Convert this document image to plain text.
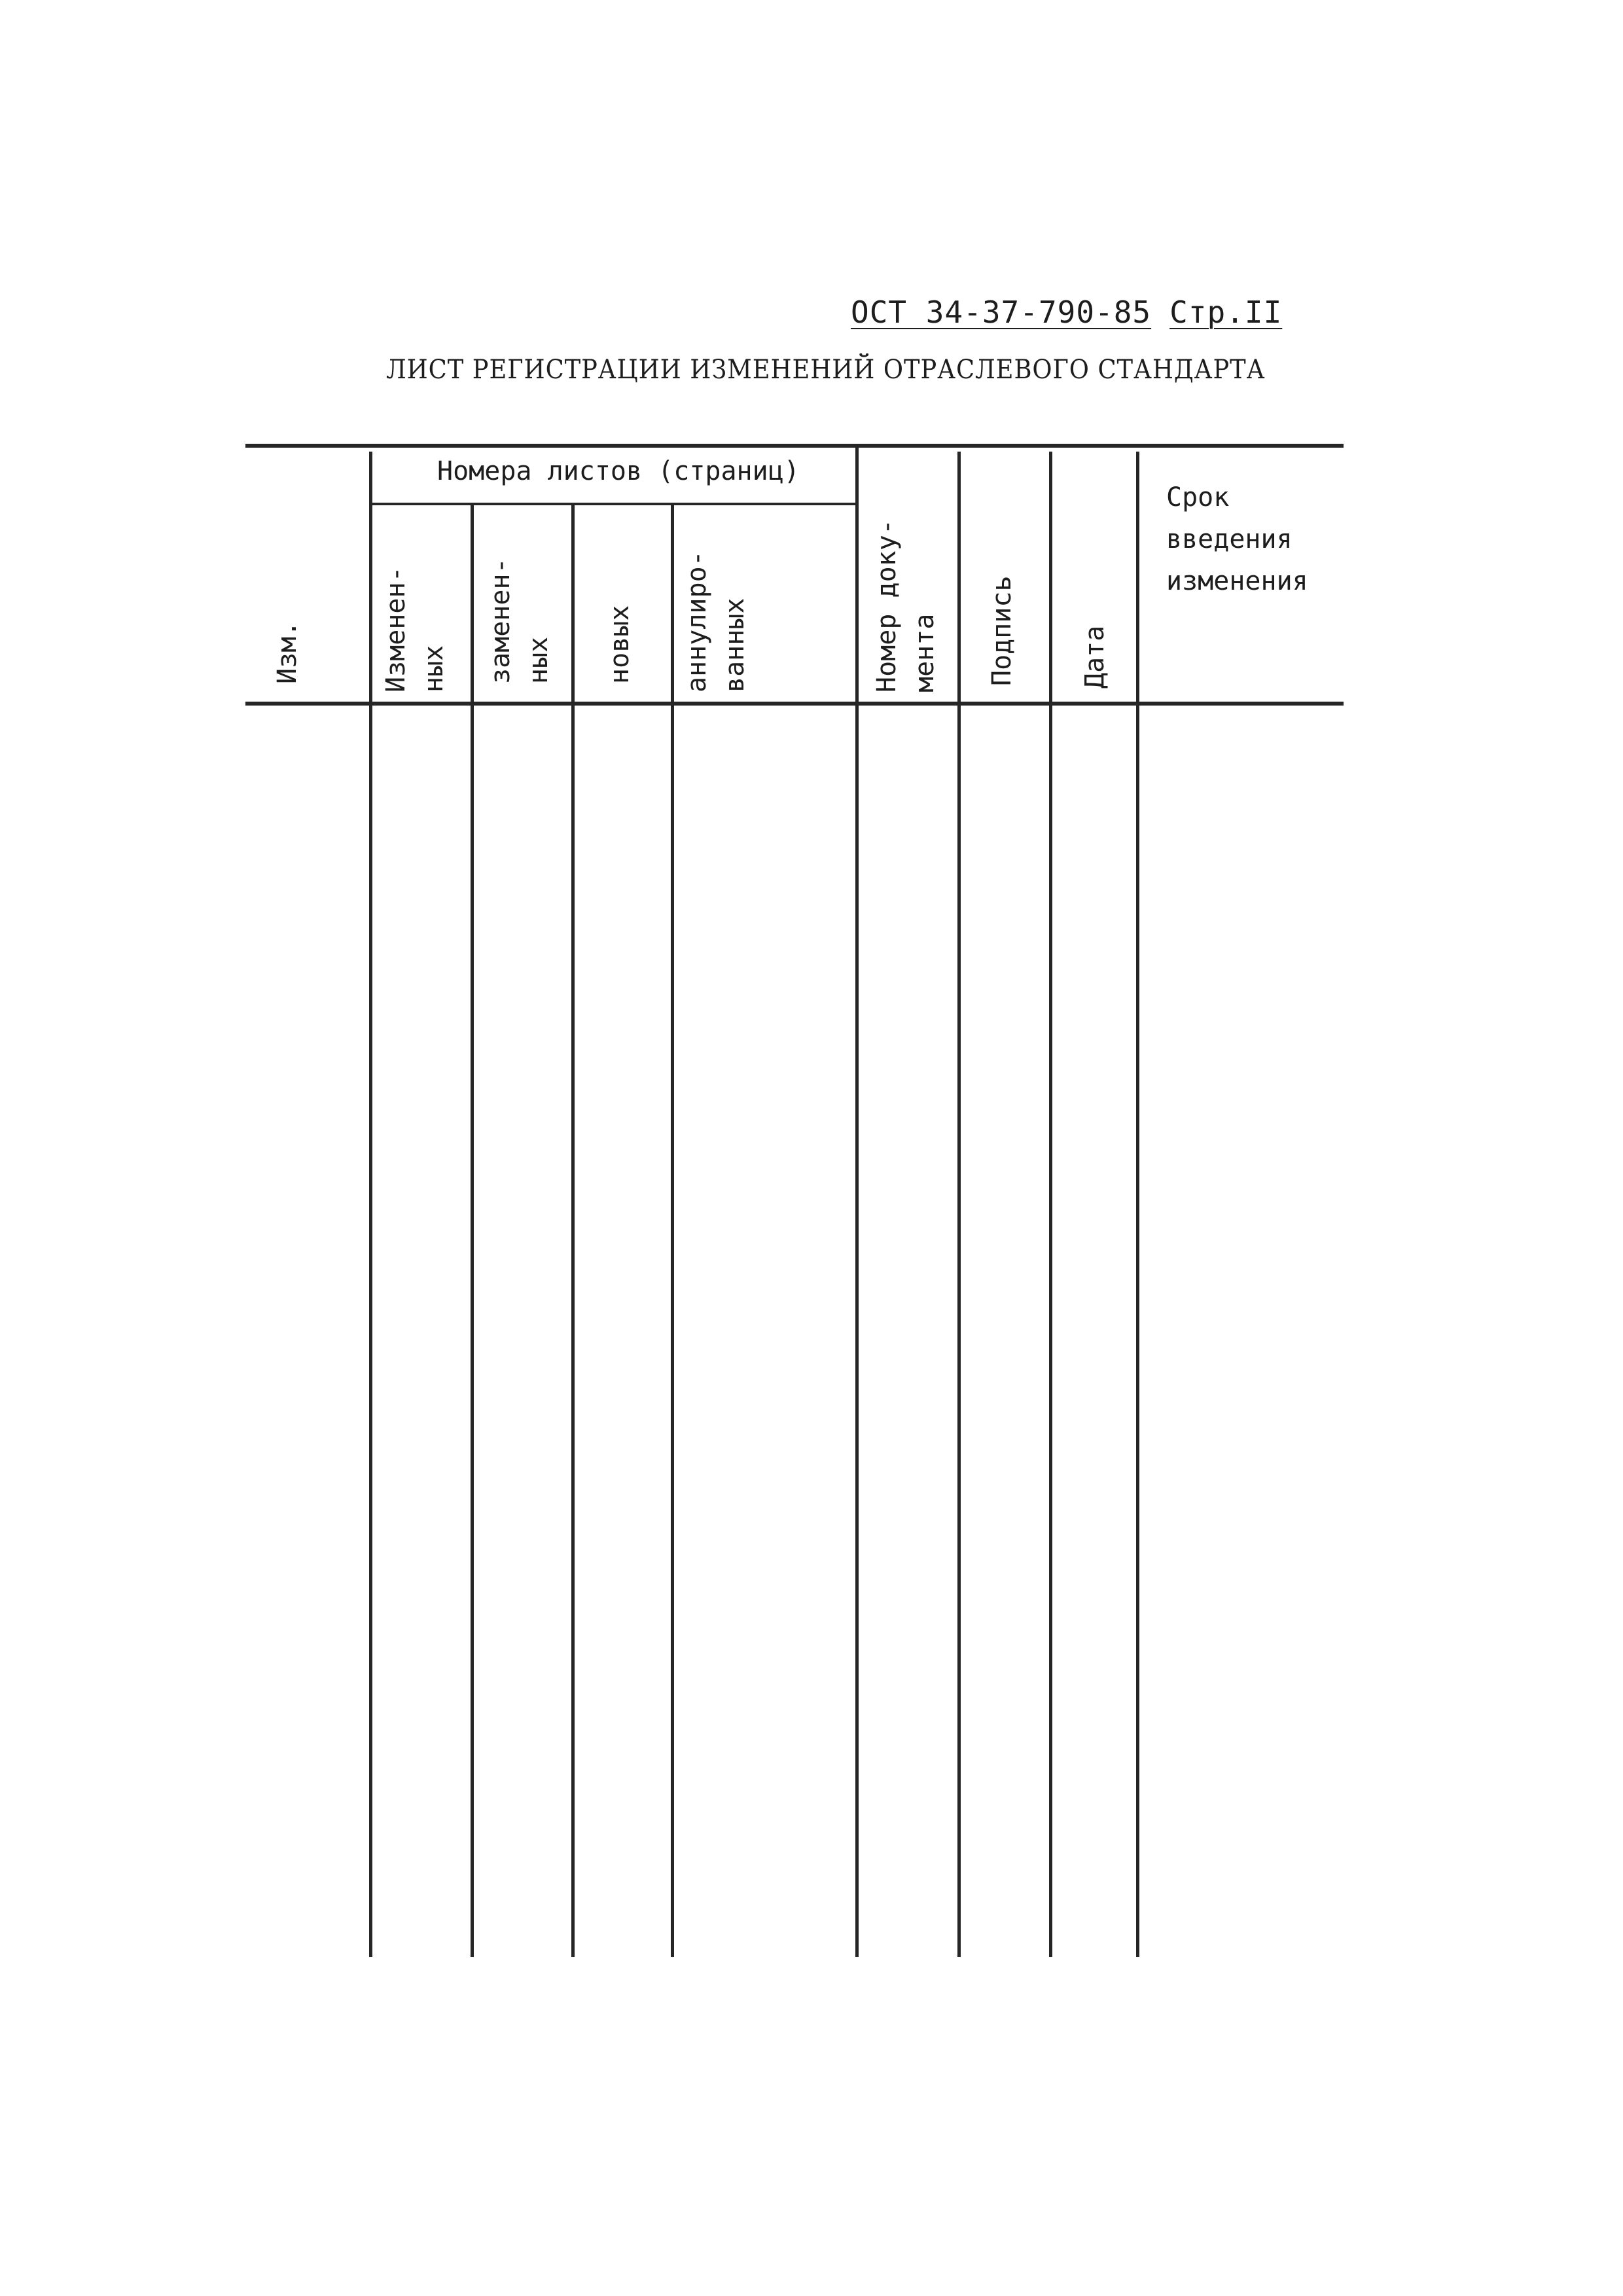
ОСТ 34-37-790-85 Стр.II
ЛИСТ РЕГИСТРАЦИИ ИЗМЕНЕНИЙ ОТРАСЛЕВОГО СТАНДАРТА
Номера листов (страниц)
Изм.	Изменен- ных заменен- ных новых аннулиро- ванных	Номер доку- мента Подпись Дата
Срок
введения
изменения
